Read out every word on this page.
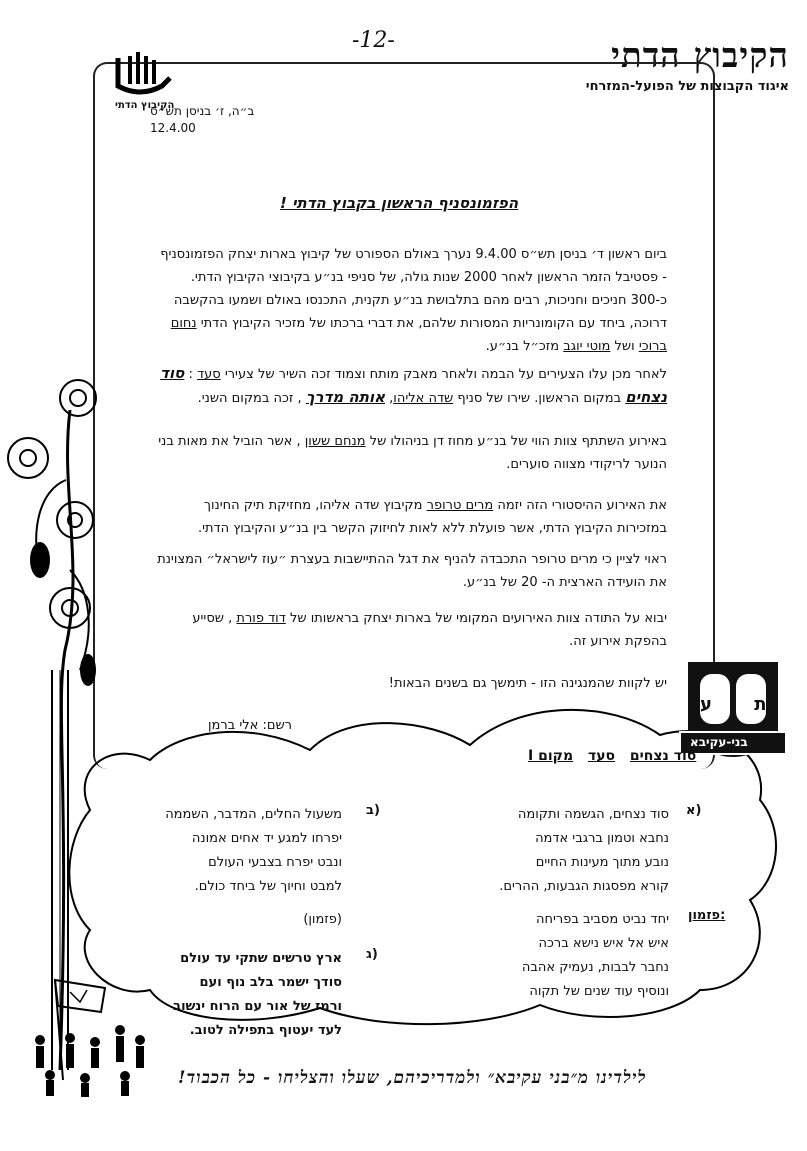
-12-	הקיבוץ הדתי
איגוד הקבוצות של הפועל-המזרחי
הקיבוץ הדתי
ב״ה, ז׳ בניסן תש״ס
12.4.00
הפזמונסניף הראשון בקבוץ הדתי !
ביום ראשון ד׳ בניסן תש״ס 9.4.00 נערך באולם הספורט של קיבוץ בארות יצחק הפזמונסניף - פסטיבל הזמר הראשון לאחר 2000 שנות גולה, של סניפי בנ״ע בקיבוצי הקיבוץ הדתי. כ-300 חניכים וחניכות, רבים מהם בתלבושת בנ״ע תקנית, התכנסו באולם ושמעו בהקשבה דרוכה, ביחד עם הקומונריות המסורות שלהם, את דברי ברכתו של מזכיר הקיבוץ הדתי נחום ברוכי ושל מוטי יוגב מזכ״ל בנ״ע.
לאחר מכן עלו הצעירים על הבמה ולאחר מאבק מותח וצמוד זכה השיר של צעירי סעד : סוד נצחים במקום הראשון. שירו של סניף שדה אליהו, אותה מדרך , זכה במקום השני.
באירוע השתתף צוות הווי של בנ״ע מחוז דן בניהולו של מנחם ששון , אשר הוביל את מאות בני הנוער לריקודי מצווה סוערים.
את האירוע ההיסטורי הזה יזמה מרים טרופר מקיבוץ שדה אליהו, מחזיקת תיק החינוך במזכירות הקיבוץ הדתי, אשר פועלת ללא לאות לחיזוק הקשר בין בנ״ע והקיבוץ הדתי.
ראוי לציין כי מרים טרופר התכבדה להניף את דגל ההתיישבות בעצרת ״עוז לישראל״ המצוינת את הועידה הארצית ה- 20 של בנ״ע.
יבוא על התודה צוות האירועים המקומי של בארות יצחק בראשותו של דוד פורת , שסייע בהפקת אירוע זה.
יש לקוות שהמנגינה הזו - תימשך גם בשנים הבאות!
רשם: אלי ברמן
ת ע
בני-עקיבא
סוד נצחים סעד מקום I
א)
סוד נצחים, הגשמה ותקומה
נחבא וטמון ברגבי אדמה
נובע מתוך מעינות החיים
קורא מפסגות הגבעות, ההרים.
פזמון:
יחד נביט מסביב בפריחה
איש אל איש נישא ברכה
נחבר לבבות, נעמיק אהבה
ונוסיף עוד שנים של תקוה
ב)
משעול החלים, המדבר, השממה
יפרחו למגע יד אחים אמונה
ונבט יפרח בצבעי העולם
למבט וחיוך של ביחד כולם.
(פזמון)
ג)
ארץ טרשים שתקי עד עולם
סודך ישמר בלב נוף ועם
ורמז של אור עם הרוח ינשוב
לעד יעטוף בתפילה לטוב.
לילדינו מ״בני עקיבא״ ולמדריכיהם, שעלו והצליחו - כל הכבוד!
